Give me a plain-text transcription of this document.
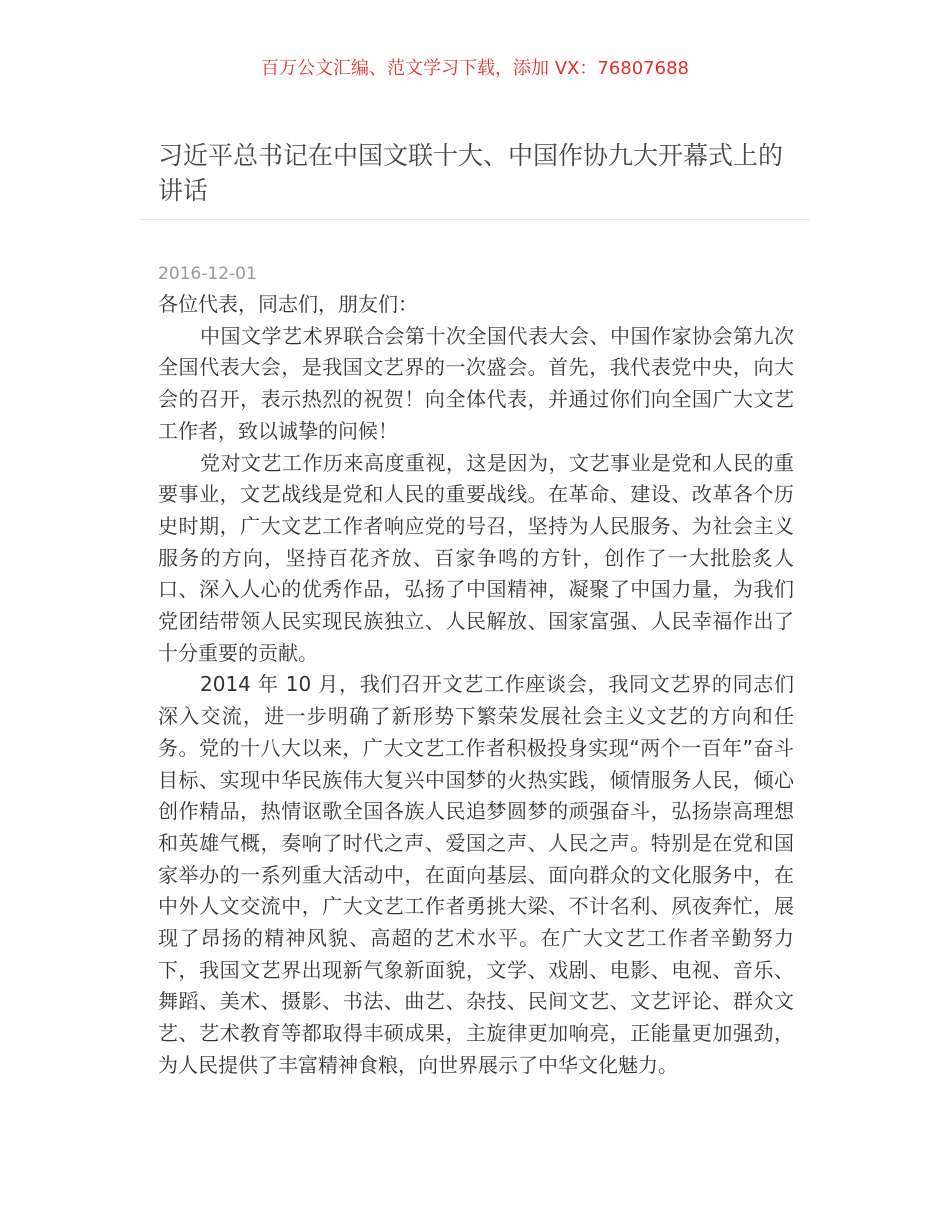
百万公文汇编、范文学习下载，添加 VX：76807688
习近平总书记在中国文联十大、中国作协九大开幕式上的讲话
2016-12-01

各位代表，同志们，朋友们：

中国文学艺术界联合会第十次全国代表大会、中国作家协会第九次全国代表大会，是我国文艺界的一次盛会。首先，我代表党中央，向大会的召开，表示热烈的祝贺！向全体代表，并通过你们向全国广大文艺工作者，致以诚挚的问候！

党对文艺工作历来高度重视，这是因为，文艺事业是党和人民的重要事业，文艺战线是党和人民的重要战线。在革命、建设、改革各个历史时期，广大文艺工作者响应党的号召，坚持为人民服务、为社会主义服务的方向，坚持百花齐放、百家争鸣的方针，创作了一大批脍炙人口、深入人心的优秀作品，弘扬了中国精神，凝聚了中国力量，为我们党团结带领人民实现民族独立、人民解放、国家富强、人民幸福作出了十分重要的贡献。

2014 年 10 月，我们召开文艺工作座谈会，我同文艺界的同志们深入交流，进一步明确了新形势下繁荣发展社会主义文艺的方向和任务。党的十八大以来，广大文艺工作者积极投身实现“两个一百年”奋斗目标、实现中华民族伟大复兴中国梦的火热实践，倾情服务人民，倾心创作精品，热情讴歌全国各族人民追梦圆梦的顽强奋斗，弘扬崇高理想和英雄气概，奏响了时代之声、爱国之声、人民之声。特别是在党和国家举办的一系列重大活动中，在面向基层、面向群众的文化服务中，在中外人文交流中，广大文艺工作者勇挑大梁、不计名利、夙夜奔忙，展现了昂扬的精神风貌、高超的艺术水平。在广大文艺工作者辛勤努力下，我国文艺界出现新气象新面貌，文学、戏剧、电影、电视、音乐、舞蹈、美术、摄影、书法、曲艺、杂技、民间文艺、文艺评论、群众文艺、艺术教育等都取得丰硕成果，主旋律更加响亮，正能量更加强劲，为人民提供了丰富精神食粮，向世界展示了中华文化魅力。
